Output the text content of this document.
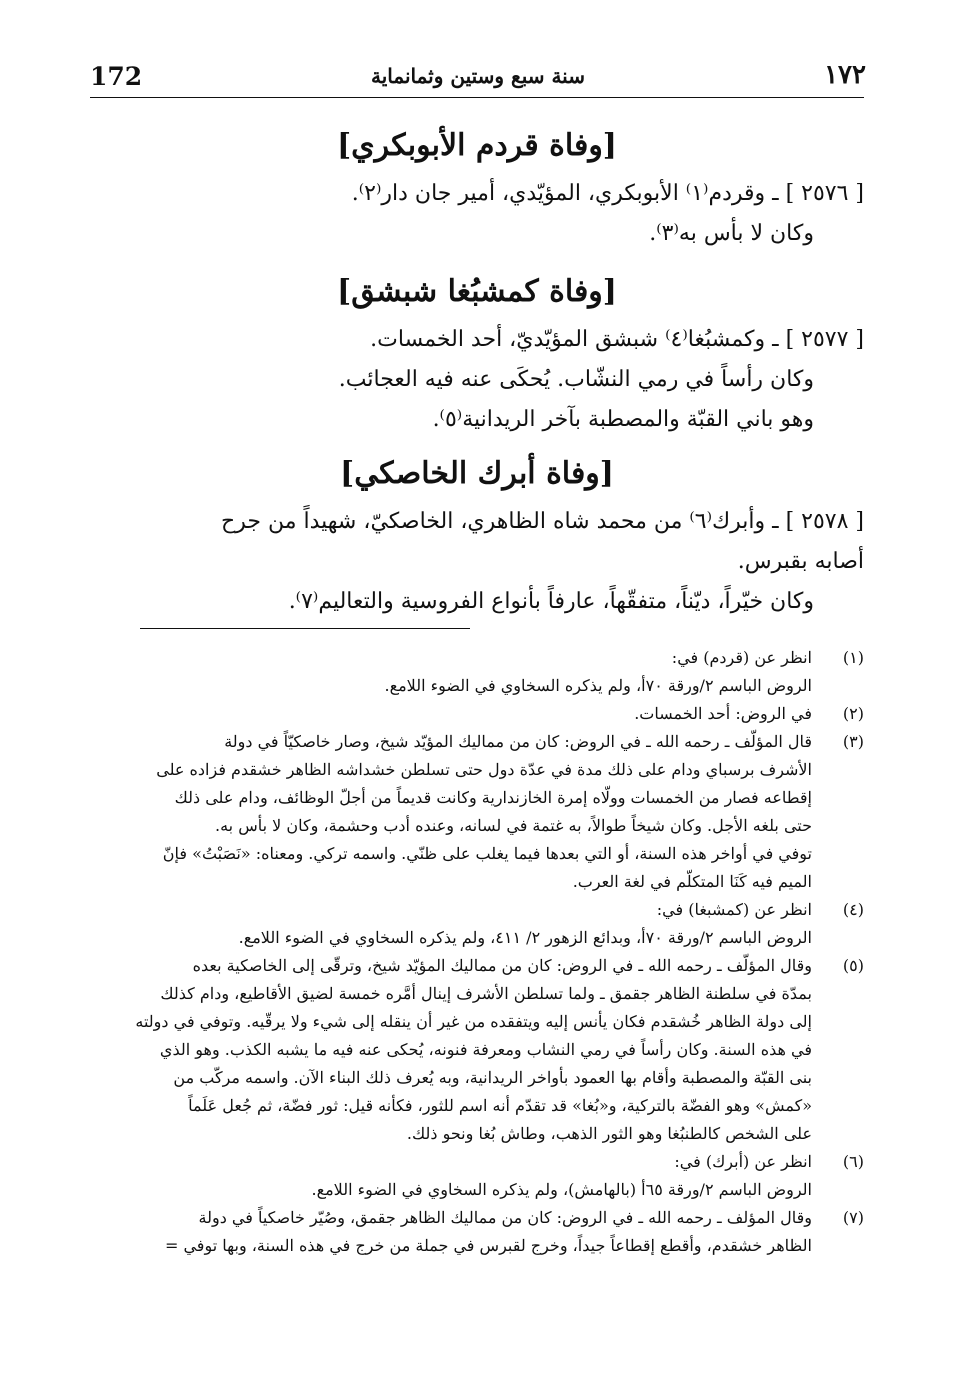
172	سنة سبع وستين وثمانماية	١٧٢
[وفاة قردم الأبوبكري]

[ ٢٥٧٦ ] ـ وقردم⁽١⁾ الأبوبكري، المؤيّدي، أمير جان دار⁽٢⁾.

وكان لا بأس به⁽٣⁾.

[وفاة كمشبُغا شبشق]

[ ٢٥٧٧ ] ـ وكمشبُغا⁽٤⁾ شبشق المؤيّديّ، أحد الخمسات.

وكان رأساً في رمي النشّاب. يُحكَى عنه فيه العجائب.

وهو باني القبّة والمصطبة بآخر الريدانية⁽٥⁾.

[وفاة أبرك الخاصكي]

[ ٢٥٧٨ ] ـ وأبرك⁽٦⁾ من محمد شاه الظاهري، الخاصكيّ، شهيداً من جرح

أصابه بقبرس.

وكان خيّراً، ديّناً، متفقّهاً، عارفاً بأنواع الفروسية والتعاليم⁽٧⁾.

(١)
انظر عن (قردم) في:
الروض الباسم ٢/ورقة ٧٠أ، ولم يذكره السخاوي في الضوء اللامع.
(٢)
في الروض: أحد الخمسات.
(٣)
قال المؤلّف ـ رحمه الله ـ في الروض: كان من مماليك المؤيّد شيخ، وصار خاصكيّاً في دولة
الأشرف برسباي ودام على ذلك مدة في عدّة دول حتى تسلطن خشداشه الظاهر خشقدم فزاده على
إقطاعه فصار من الخمسات وولّاه إمرة الخازندارية وكانت قديماً من أجلّ الوظائف، ودام على ذلك
حتى بلغه الأجل. وكان شيخاً طوالاً، به غتمة في لسانه، وعنده أدب وحشمة، وكان لا بأس به.
توفي في أواخر هذه السنة، أو التي بعدها فيما يغلب على ظنّي. واسمه تركي. ومعناه: «نَصَبْتُ» فإنّ
الميم فيه كَنَا المتكلّم في لغة العرب.
(٤)
انظر عن (كمشبغا) في:
الروض الباسم ٢/ورقة ٧٠أ، وبدائع الزهور ٢/ ٤١١، ولم يذكره السخاوي في الضوء اللامع.
(٥)
وقال المؤلّف ـ رحمه الله ـ في الروض: كان من مماليك المؤيّد شيخ، وترقّى إلى الخاصكية بعده
بمدّة في سلطنة الظاهر جقمق ـ ولما تسلطن الأشرف إينال أمَّره خمسة لضيق الأقاطيع، ودام كذلك
إلى دولة الظاهر خُشقدم فكان يأنس إليه ويتفقده من غير أن ينقله إلى شيء ولا يرقّيه. وتوفي في دولته
في هذه السنة. وكان رأساً في رمي النشاب ومعرفة فنونه، يُحكى عنه فيه ما يشبه الكذب. وهو الذي
بنى القبّة والمصطبة وأقام بها العمود بأواخر الريدانية، وبه يُعرف ذلك البناء الآن. واسمه مركّب من
«كمش» وهو الفضّة بالتركية، و«بُغا» قد تقدّم أنه اسم للثور، فكأنه قيل: ثور فضّة، ثم جُعل عَلَماً
على الشخص كالطنبُغا وهو الثور الذهب، وطاش بُغا ونحو ذلك.
(٦)
انظر عن (أبرك) في:
الروض الباسم ٢/ورقة ٦٥أ (بالهامش)، ولم يذكره السخاوي في الضوء اللامع.
(٧)
وقال المؤلف ـ رحمه الله ـ في الروض: كان من مماليك الظاهر جقمق، وصُيّر خاصكياً في دولة
الظاهر خشقدم، وأقطع إقطاعاً جيداً، وخرج لقبرس في جملة من خرج في هذه السنة، وبها توفي =
